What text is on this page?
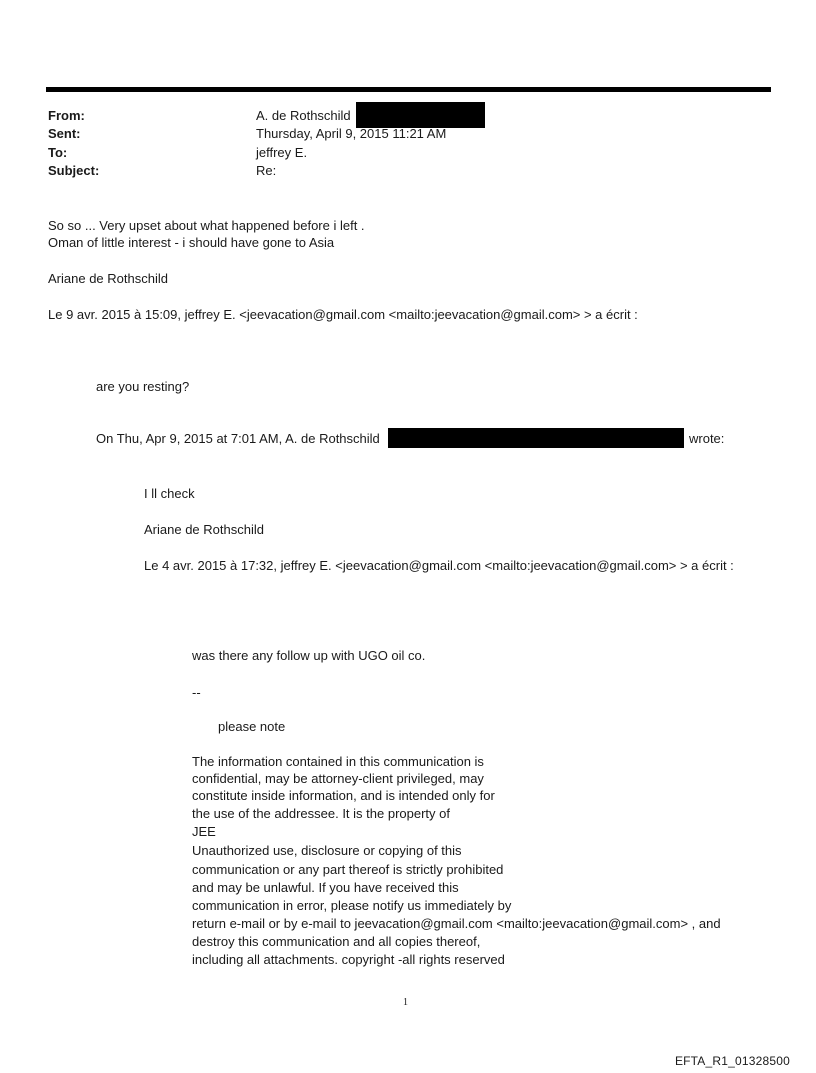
From:	A. de Rothschild
Sent:	Thursday, April 9, 2015 11:21 AM
To:	jeffrey E.
Subject:	Re:
So so ... Very upset about what happened before i left .
Oman of little interest - i should have gone to Asia
Ariane de Rothschild
Le 9 avr. 2015 à 15:09, jeffrey E. <jeevacation@gmail.com <mailto:jeevacation@gmail.com> > a écrit :
are you resting?
On Thu, Apr 9, 2015 at 7:01 AM, A. de Rothschild	wrote:
I ll check
Ariane de Rothschild
Le 4 avr. 2015 à 17:32, jeffrey E. <jeevacation@gmail.com <mailto:jeevacation@gmail.com> > a écrit :
was there any follow up with UGO oil co.
--
please note
The information contained in this communication is
confidential, may be attorney-client privileged, may
constitute inside information, and is intended only for
the use of the addressee. It is the property of
JEE
Unauthorized use, disclosure or copying of this
communication or any part thereof is strictly prohibited
and may be unlawful. If you have received this
communication in error, please notify us immediately by
return e-mail or by e-mail to jeevacation@gmail.com <mailto:jeevacation@gmail.com> , and
destroy this communication and all copies thereof,
including all attachments. copyright -all rights reserved
1
EFTA_R1_01328500
